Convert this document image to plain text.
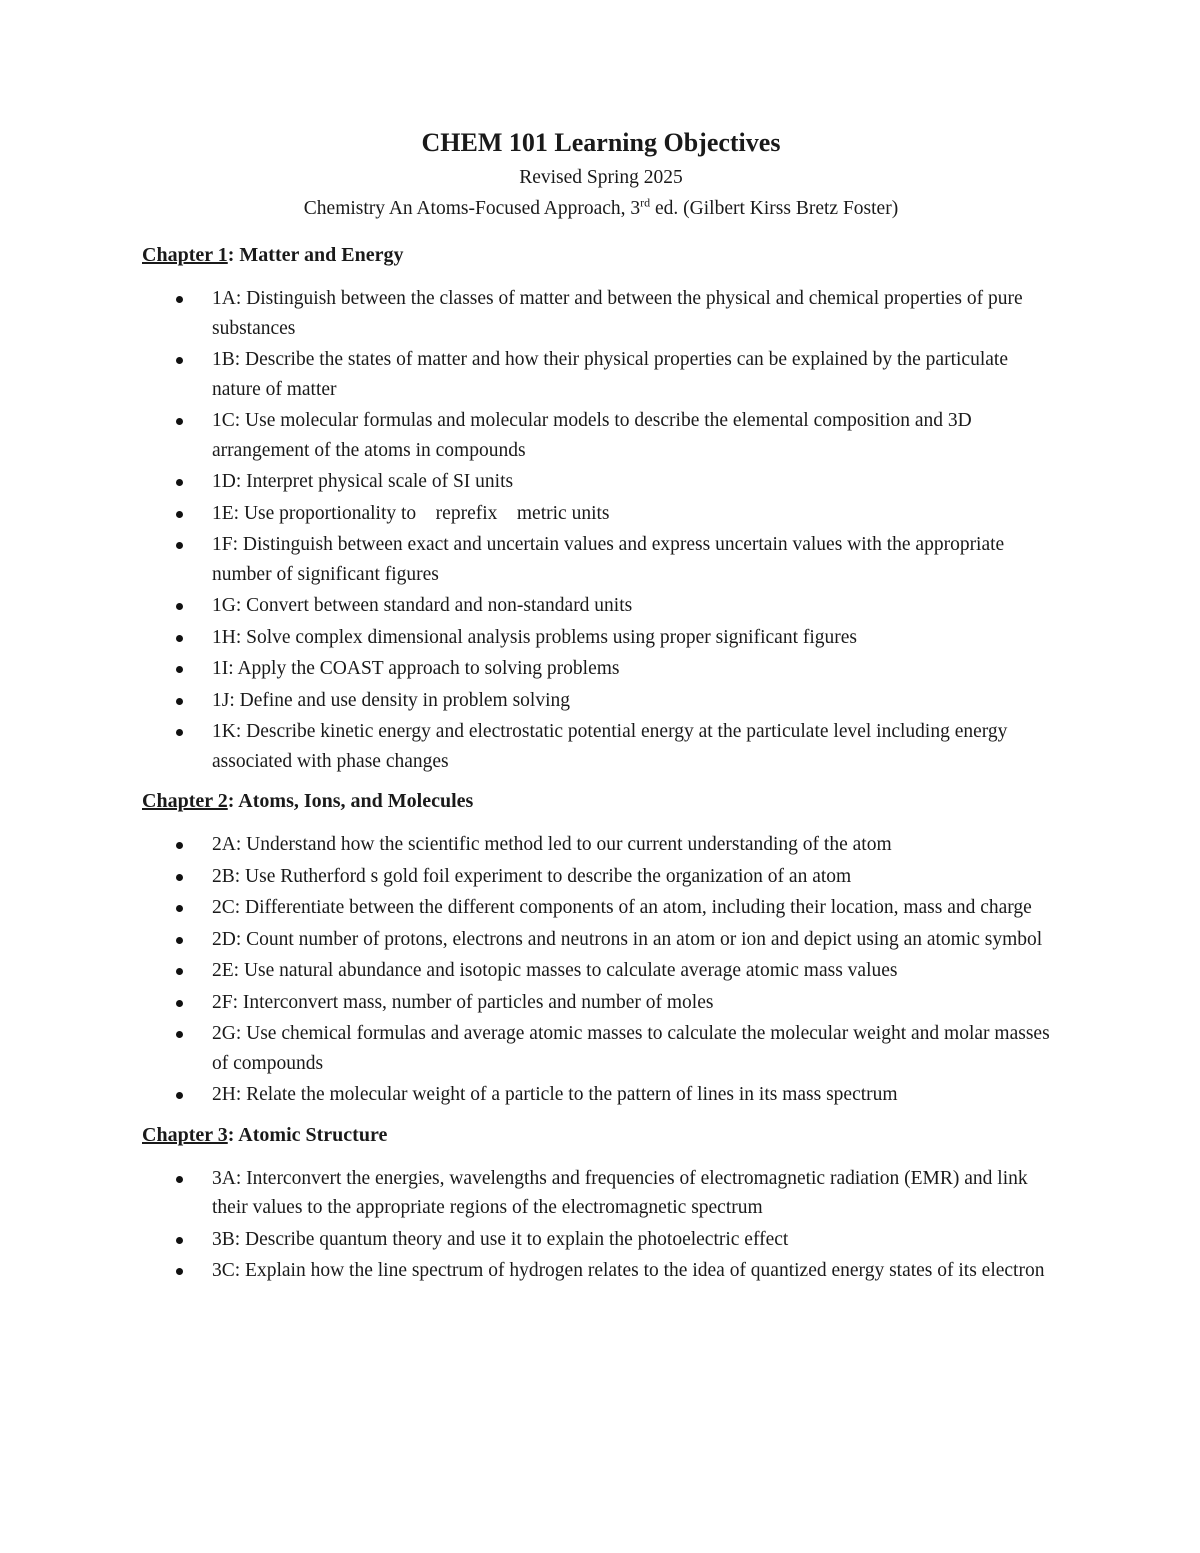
CHEM 101 Learning Objectives

Revised Spring 2025

Chemistry An Atoms-Focused Approach, 3rd ed. (Gilbert Kirss Bretz Foster)

Chapter 1: Matter and Energy
1A: Distinguish between the classes of matter and between the physical and chemical properties of pure substances
1B: Describe the states of matter and how their physical properties can be explained by the particulate nature of matter
1C: Use molecular formulas and molecular models to describe the elemental composition and 3D arrangement of the atoms in compounds
1D: Interpret physical scale of SI units
1E: Use proportionality to    reprefix    metric units
1F: Distinguish between exact and uncertain values and express uncertain values with the appropriate number of significant figures
1G: Convert between standard and non-standard units
1H: Solve complex dimensional analysis problems using proper significant figures
1I: Apply the COAST approach to solving problems
1J: Define and use density in problem solving
1K: Describe kinetic energy and electrostatic potential energy at the particulate level including energy associated with phase changes
Chapter 2: Atoms, Ions, and Molecules
2A: Understand how the scientific method led to our current understanding of the atom
2B: Use Rutherford s gold foil experiment to describe the organization of an atom
2C: Differentiate between the different components of an atom, including their location, mass and charge
2D: Count number of protons, electrons and neutrons in an atom or ion and depict using an atomic symbol
2E: Use natural abundance and isotopic masses to calculate average atomic mass values
2F: Interconvert mass, number of particles and number of moles
2G: Use chemical formulas and average atomic masses to calculate the molecular weight and molar masses of compounds
2H: Relate the molecular weight of a particle to the pattern of lines in its mass spectrum
Chapter 3: Atomic Structure
3A: Interconvert the energies, wavelengths and frequencies of electromagnetic radiation (EMR) and link their values to the appropriate regions of the electromagnetic spectrum
3B: Describe quantum theory and use it to explain the photoelectric effect
3C: Explain how the line spectrum of hydrogen relates to the idea of quantized energy states of its electron
